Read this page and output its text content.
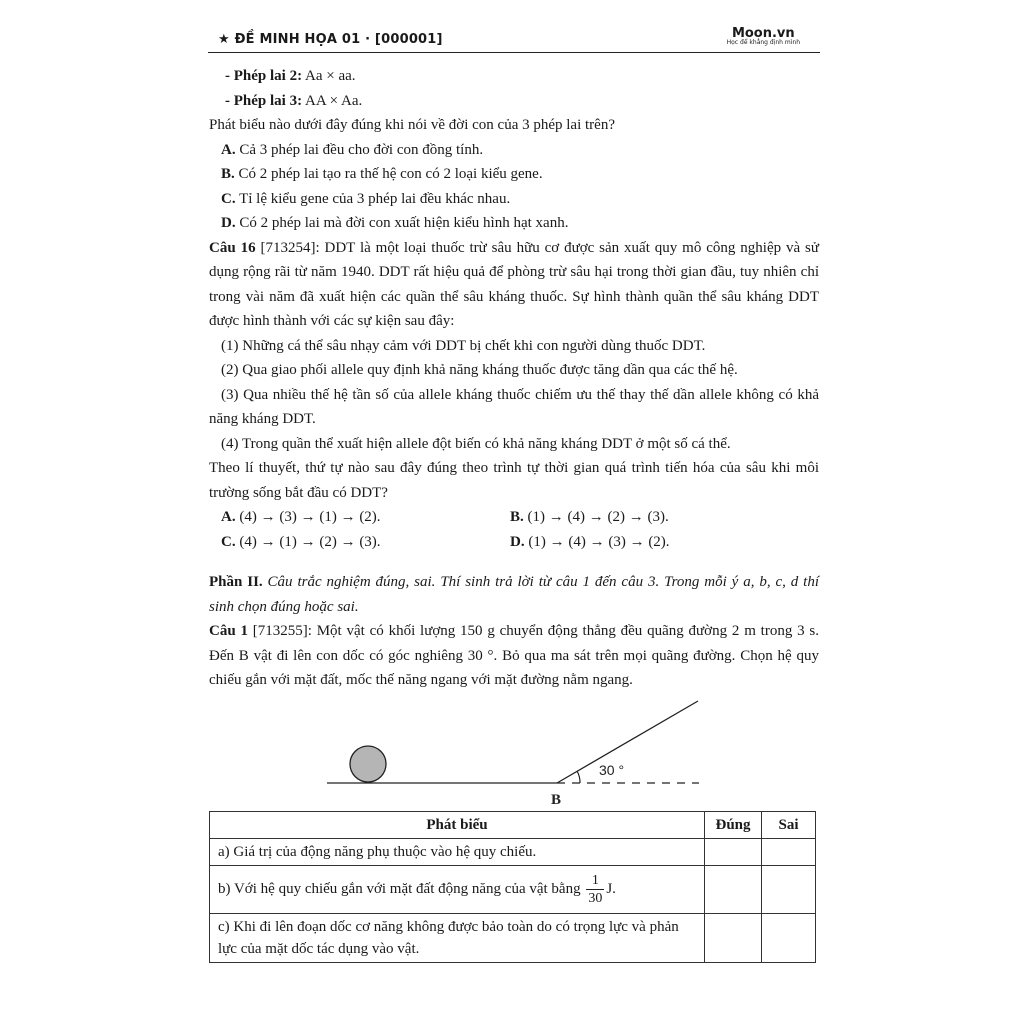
★ ĐỀ MINH HỌA 01 · [000001]	Moon.vn
Học để khẳng định mình

- Phép lai 2: Aa × aa.

- Phép lai 3: AA × Aa.

Phát biểu nào dưới đây đúng khi nói về đời con của 3 phép lai trên?

A. Cả 3 phép lai đều cho đời con đồng tính.

B. Có 2 phép lai tạo ra thế hệ con có 2 loại kiểu gene.

C. Tỉ lệ kiểu gene của 3 phép lai đều khác nhau.

D. Có 2 phép lai mà đời con xuất hiện kiểu hình hạt xanh.

Câu 16 [713254]: DDT là một loại thuốc trừ sâu hữu cơ được sản xuất quy mô công nghiệp và sử dụng rộng rãi từ năm 1940. DDT rất hiệu quả để phòng trừ sâu hại trong thời gian đầu, tuy nhiên chỉ trong vài năm đã xuất hiện các quần thể sâu kháng thuốc. Sự hình thành quần thể sâu kháng DDT được hình thành với các sự kiện sau đây:

(1) Những cá thể sâu nhạy cảm với DDT bị chết khi con người dùng thuốc DDT.

(2) Qua giao phối allele quy định khả năng kháng thuốc được tăng dần qua các thế hệ.

(3) Qua nhiều thế hệ tần số của allele kháng thuốc chiếm ưu thế thay thế dần allele không có khả năng kháng DDT.

(4) Trong quần thể xuất hiện allele đột biến có khả năng kháng DDT ở một số cá thể.

Theo lí thuyết, thứ tự nào sau đây đúng theo trình tự thời gian quá trình tiến hóa của sâu khi môi trường sống bắt đầu có DDT?

A. (4) → (3) → (1) → (2).	B. (1) → (4) → (2) → (3).
C. (4) → (1) → (2) → (3).	D. (1) → (4) → (3) → (2).

Phần II. Câu trắc nghiệm đúng, sai. Thí sinh trả lời từ câu 1 đến câu 3. Trong mỗi ý a, b, c, d thí sinh chọn đúng hoặc sai.

Câu 1 [713255]: Một vật có khối lượng 150 g chuyển động thẳng đều quãng đường 2 m trong 3 s. Đến B vật đi lên con dốc có góc nghiêng 30 °. Bỏ qua ma sát trên mọi quãng đường. Chọn hệ quy chiếu gắn với mặt đất, mốc thế năng ngang với mặt đường nằm ngang.

30 °
B
Phát biểu	Đúng	Sai
a) Giá trị của động năng phụ thuộc vào hệ quy chiếu.		
b) Với hệ quy chiếu gắn với mặt đất động năng của vật bằng $\frac{1}{30} J$.		
c) Khi đi lên đoạn dốc cơ năng không được bảo toàn do có trọng lực và phản lực của mặt dốc tác dụng vào vật.		
